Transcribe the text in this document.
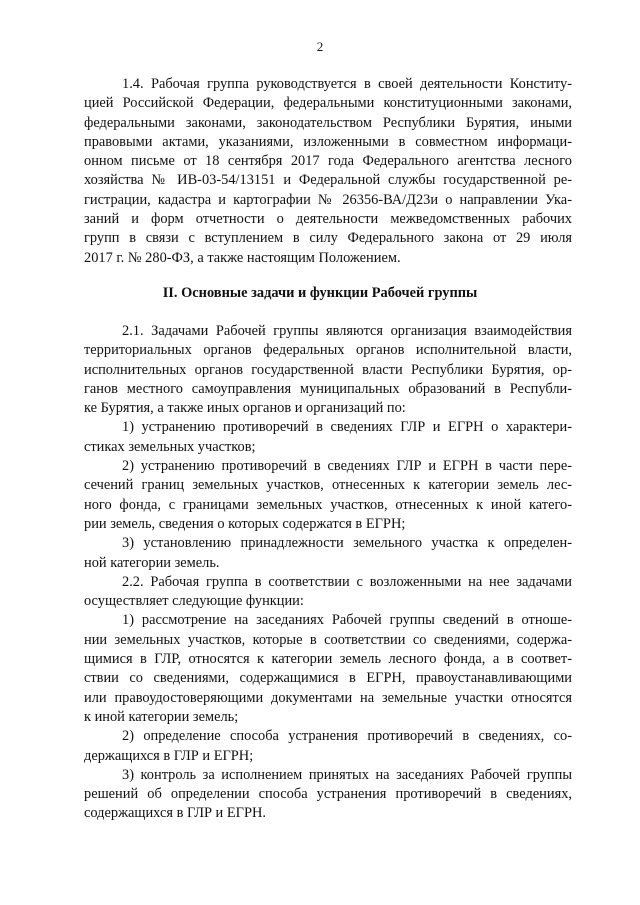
2
1.4. Рабочая группа руководствуется в своей деятельности Конститу-
цией Российской Федерации, федеральными конституционными законами,
федеральными законами, законодательством Республики Бурятия, иными
правовыми актами, указаниями, изложенными в совместном информаци-
онном письме от 18 сентября 2017 года Федерального агентства лесного
хозяйства № ИВ-03-54/13151 и Федеральной службы государственной ре-
гистрации, кадастра и картографии № 26356-ВА/Д23и о направлении Ука-
заний и форм отчетности о деятельности межведомственных рабочих
групп в связи с вступлением в силу Федерального закона от 29 июля
2017 г. № 280-ФЗ, а также настоящим Положением.
II. Основные задачи и функции Рабочей группы
2.1. Задачами Рабочей группы являются организация взаимодействия
территориальных органов федеральных органов исполнительной власти,
исполнительных органов государственной власти Республики Бурятия, ор-
ганов местного самоуправления муниципальных образований в Республи-
ке Бурятия, а также иных органов и организаций по:
1) устранению противоречий в сведениях ГЛР и ЕГРН о характери-
стиках земельных участков;
2) устранению противоречий в сведениях ГЛР и ЕГРН в части пере-
сечений границ земельных участков, отнесенных к категории земель лес-
ного фонда, с границами земельных участков, отнесенных к иной катего-
рии земель, сведения о которых содержатся в ЕГРН;
3) установлению принадлежности земельного участка к определен-
ной категории земель.
2.2. Рабочая группа в соответствии с возложенными на нее задачами
осуществляет следующие функции:
1) рассмотрение на заседаниях Рабочей группы сведений в отноше-
нии земельных участков, которые в соответствии со сведениями, содержа-
щимися в ГЛР, относятся к категории земель лесного фонда, а в соответ-
ствии со сведениями, содержащимися в ЕГРН, правоустанавливающими
или правоудостоверяющими документами на земельные участки относятся
к иной категории земель;
2) определение способа устранения противоречий в сведениях, со-
держащихся в ГЛР и ЕГРН;
3) контроль за исполнением принятых на заседаниях Рабочей группы
решений об определении способа устранения противоречий в сведениях,
содержащихся в ГЛР и ЕГРН.
